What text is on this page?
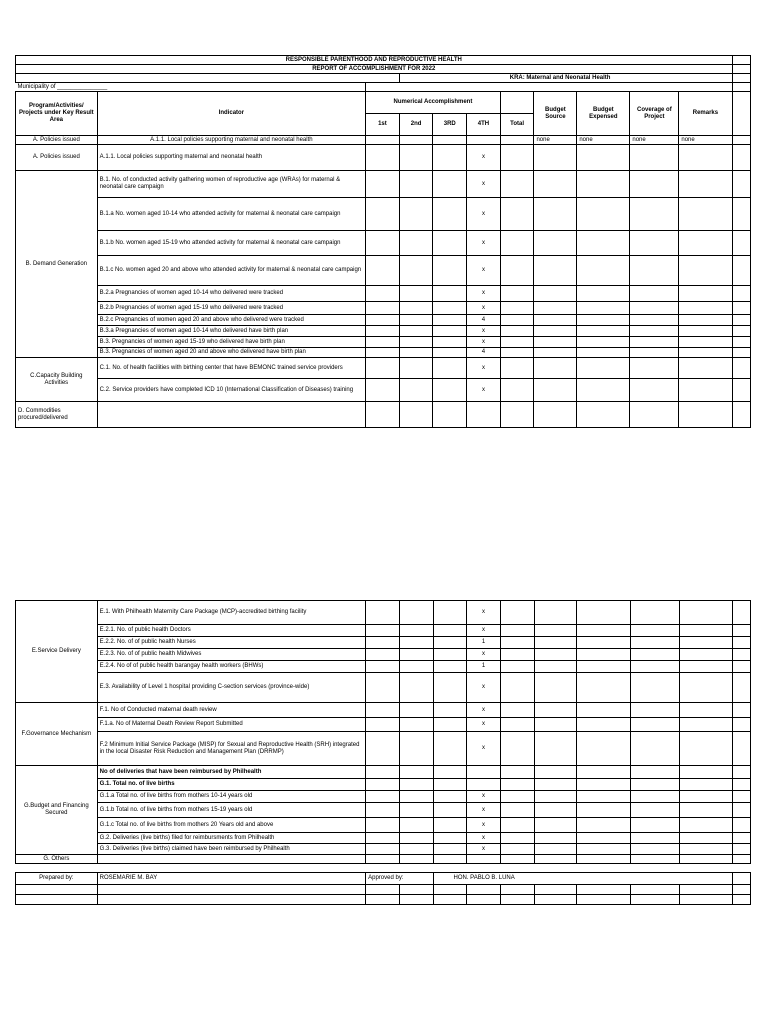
RESPONSIBLE PARENTHOOD AND REPRODUCTIVE HEALTH											
REPORT OF ACCOMPLISHMENT FOR 2022											
			KRA: Maternal and Neonatal Health								
Municipality of _______________											
Program/Activities/ Projects under Key Result Area	Indicator	Numerical Accomplishment					Budget Source	Budget Expensed	Coverage of Project	Remarks	
		1st	2nd	3RD	4TH	Total					
A. Policies issued	A.1.1. Local policies supporting maternal and neonatal health						none	none	none	none	
A. Policies issued	A.1.1. Local policies supporting maternal and neonatal health				x						
B. Demand Generation	B.1. No. of conducted activity gathering women of reproductive age (WRAs) for maternal & neonatal care campaign				x						
	B.1.a No. women aged 10-14 who attended activity for maternal & neonatal care campaign				x						
	B.1.b No. women aged 15-19 who attended activity for maternal & neonatal care campaign				x						
	B.1.c No. women aged 20 and above who attended activity for maternal & neonatal care campaign				x						
	B.2.a Pregnancies of women aged 10-14 who delivered were tracked				x						
	B.2.b Pregnancies of women aged 15-19 who delivered were tracked				x						
	B.2.c Pregnancies of women aged 20 and above who delivered were tracked				4						
	B.3.a Pregnancies of women aged 10-14 who delivered have birth plan				x						
	B.3. Pregnancies of women aged 15-19 who delivered have birth plan				x						
	B.3. Pregnancies of women aged 20 and above who delivered have birth plan				4						
C.Capacity Building Activities	C.1. No. of health facilities with birthing center that have BEMONC trained service providers				x						
	C.2. Service providers have completed ICD 10 (International Classification of Diseases) training				x						
D. Commodities procured/delivered											
E.Service Delivery	E.1. With Philhealth Maternity Care Package (MCP)-accredited birthing facility				x						
	E.2.1. No. of public health Doctors				x						
	E.2.2. No. of of public health Nurses				1						
	E.2.3. No. of of public health Midwives				x						
	E.2.4. No of of public health barangay health workers (BHWs)				1						
	E.3. Availability of Level 1 hospital providing C-section services (province-wide)				x						
F.Governance Mechanism	F.1. No of Conducted maternal death review				x						
	F.1.a. No of Maternal Death Review Report Submitted				x						
	F.2 Minimum Initial Service Package (MISP) for Sexual and Reproductive Health (SRH) integrated in the local Disaster Risk Reduction and Management Plan (DRRMP)				x						
G.Budget and Financing Secured	No of deliveries that have been reimbursed by Philhealth										
	G.1. Total no. of live births										
	G.1.a Total no. of live births from mothers 10-14 years old				x						
	G.1.b Total no. of live births from mothers 15-19 years old				x						
	G.1.c Total no. of live births from mothers 20 Years old and above				x						
	G.2. Deliveries (live births) filed for reimbursments from Philhealth				x						
	G.3. Deliveries (live births) claimed have been reimbursed by Philhealth				x						
G. Others											

Prepared by:	ROSEMARIE M. BAY	Approved by:		HON. PABLO B. LUNA							
